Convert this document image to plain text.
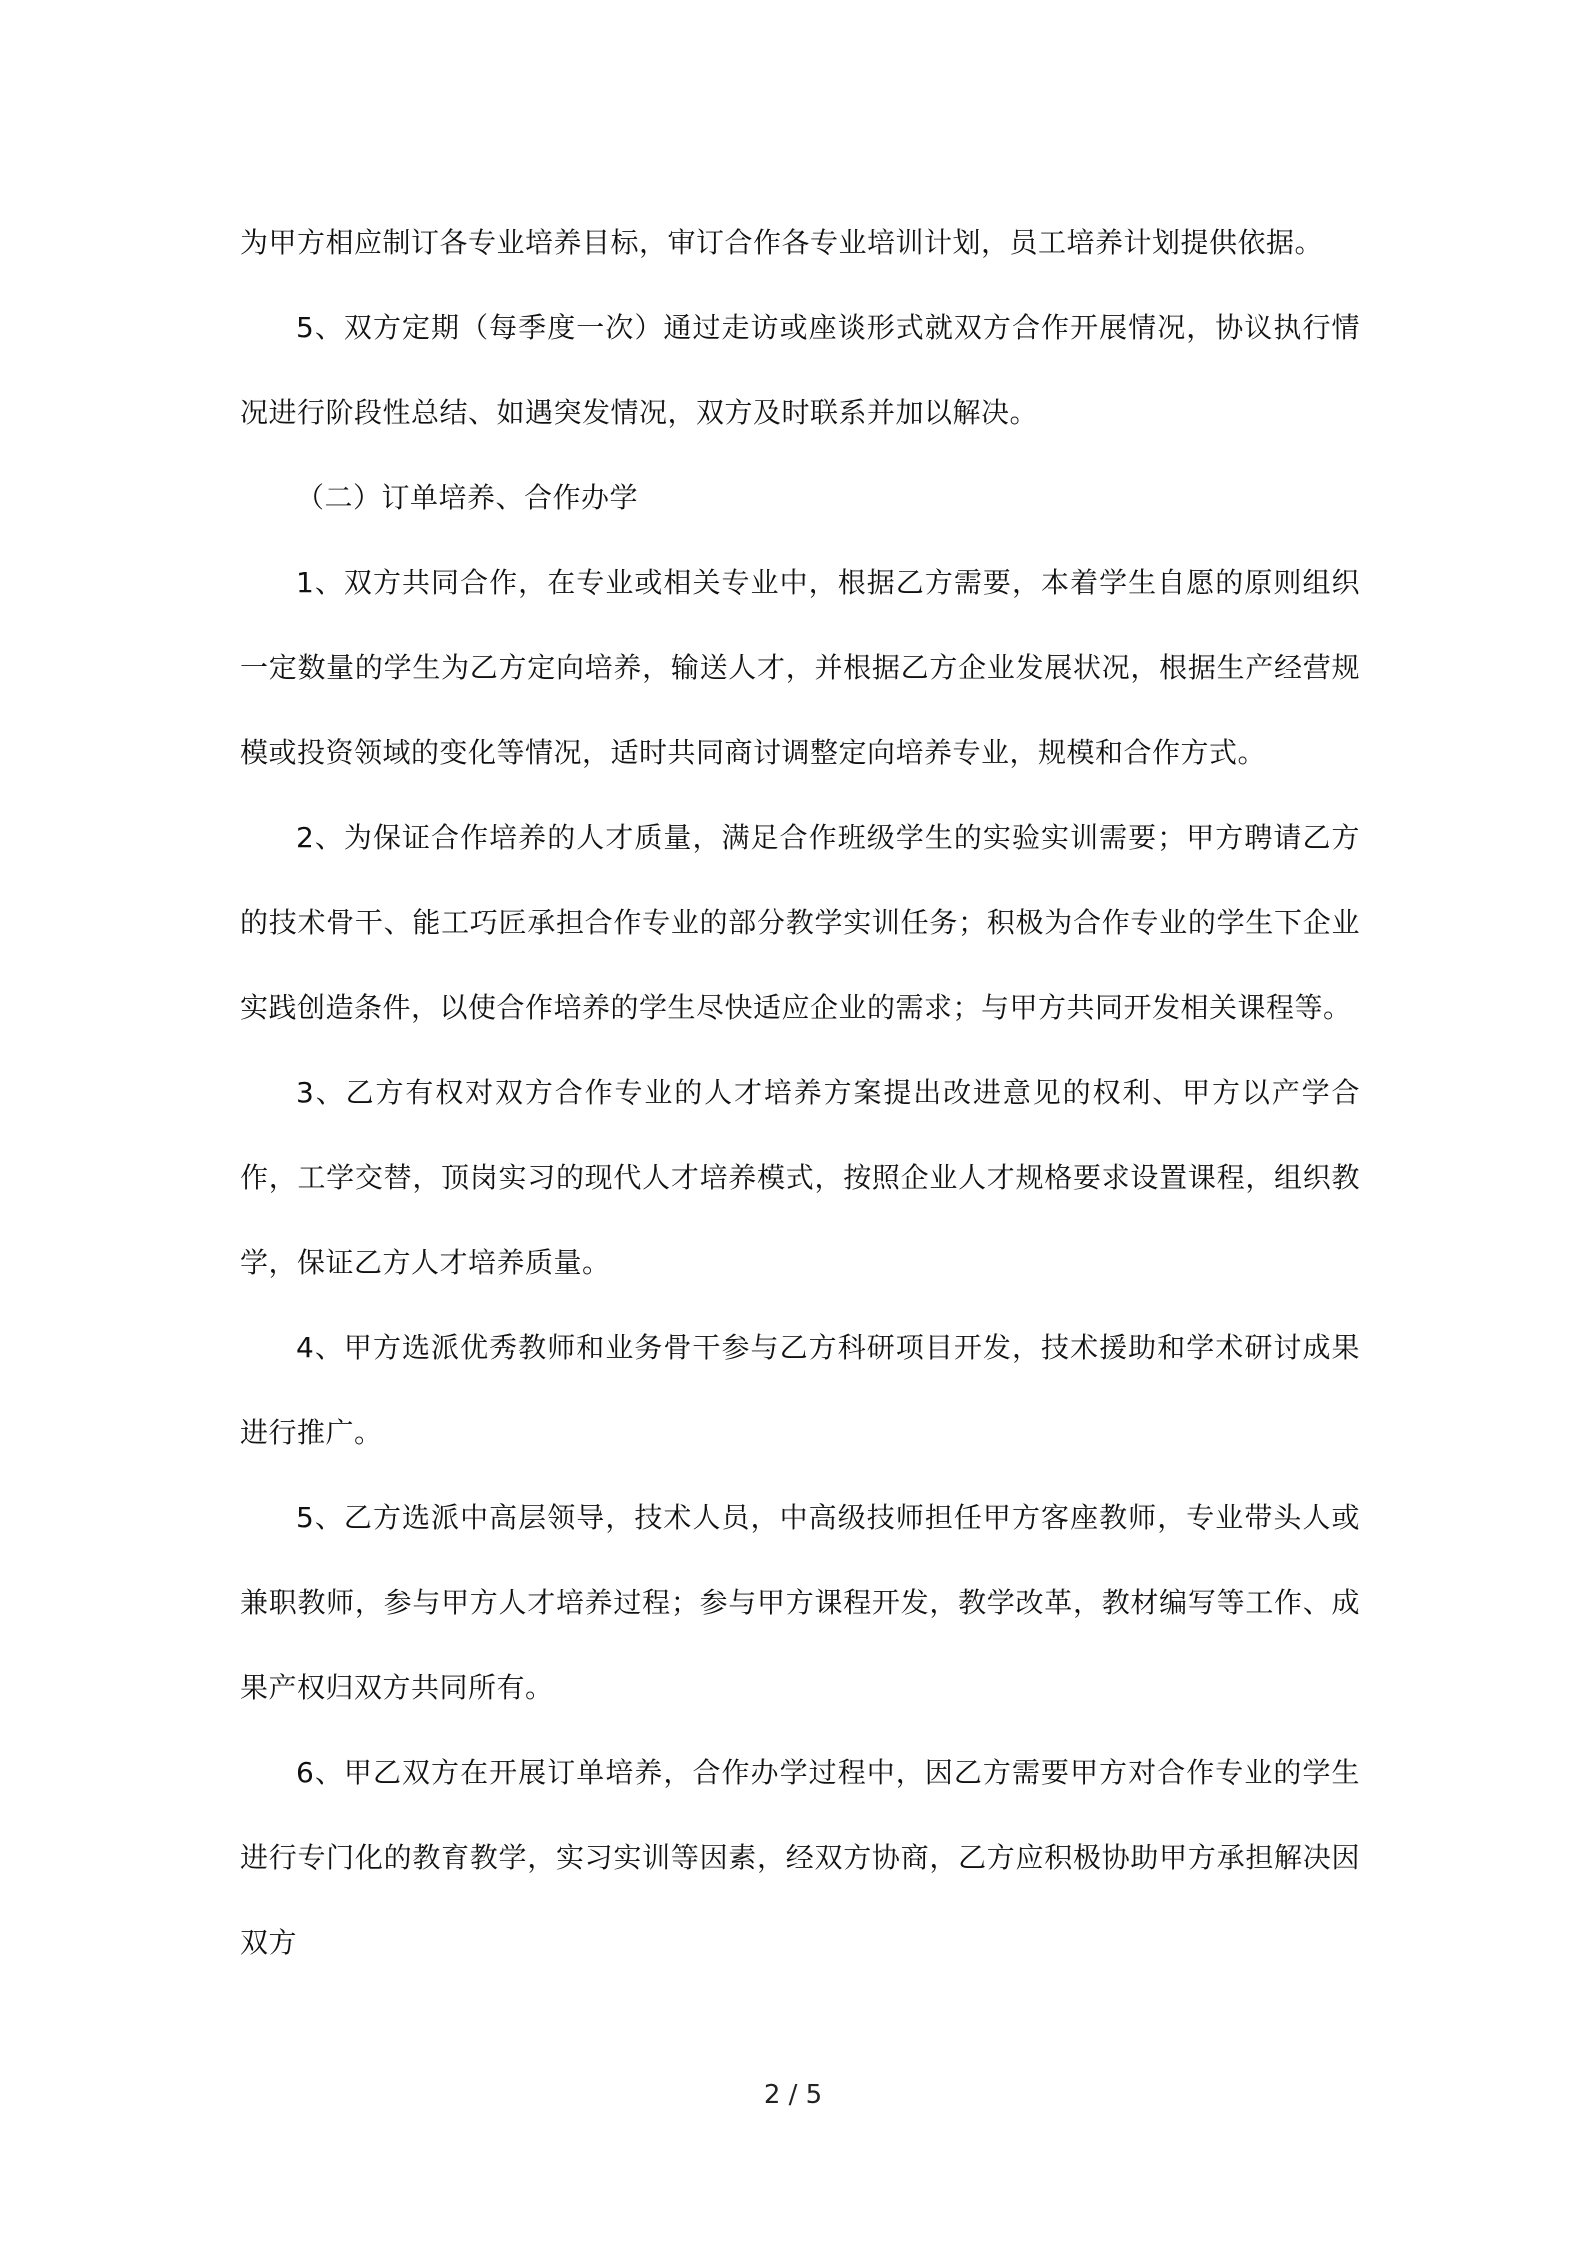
为甲方相应制订各专业培养目标，审订合作各专业培训计划，员工培养计划提供依据。

5、双方定期（每季度一次）通过走访或座谈形式就双方合作开展情况，协议执行情况进行阶段性总结、如遇突发情况，双方及时联系并加以解决。

（二）订单培养、合作办学

1、双方共同合作，在专业或相关专业中，根据乙方需要，本着学生自愿的原则组织一定数量的学生为乙方定向培养，输送人才，并根据乙方企业发展状况，根据生产经营规模或投资领域的变化等情况，适时共同商讨调整定向培养专业，规模和合作方式。

2、为保证合作培养的人才质量，满足合作班级学生的实验实训需要；甲方聘请乙方的技术骨干、能工巧匠承担合作专业的部分教学实训任务；积极为合作专业的学生下企业实践创造条件，以使合作培养的学生尽快适应企业的需求；与甲方共同开发相关课程等。

3、乙方有权对双方合作专业的人才培养方案提出改进意见的权利、甲方以产学合作，工学交替，顶岗实习的现代人才培养模式，按照企业人才规格要求设置课程，组织教学，保证乙方人才培养质量。

4、甲方选派优秀教师和业务骨干参与乙方科研项目开发，技术援助和学术研讨成果进行推广。

5、乙方选派中高层领导，技术人员，中高级技师担任甲方客座教师，专业带头人或兼职教师，参与甲方人才培养过程；参与甲方课程开发，教学改革，教材编写等工作、成果产权归双方共同所有。

6、甲乙双方在开展订单培养，合作办学过程中，因乙方需要甲方对合作专业的学生进行专门化的教育教学，实习实训等因素，经双方协商，乙方应积极协助甲方承担解决因双方

2 / 5
